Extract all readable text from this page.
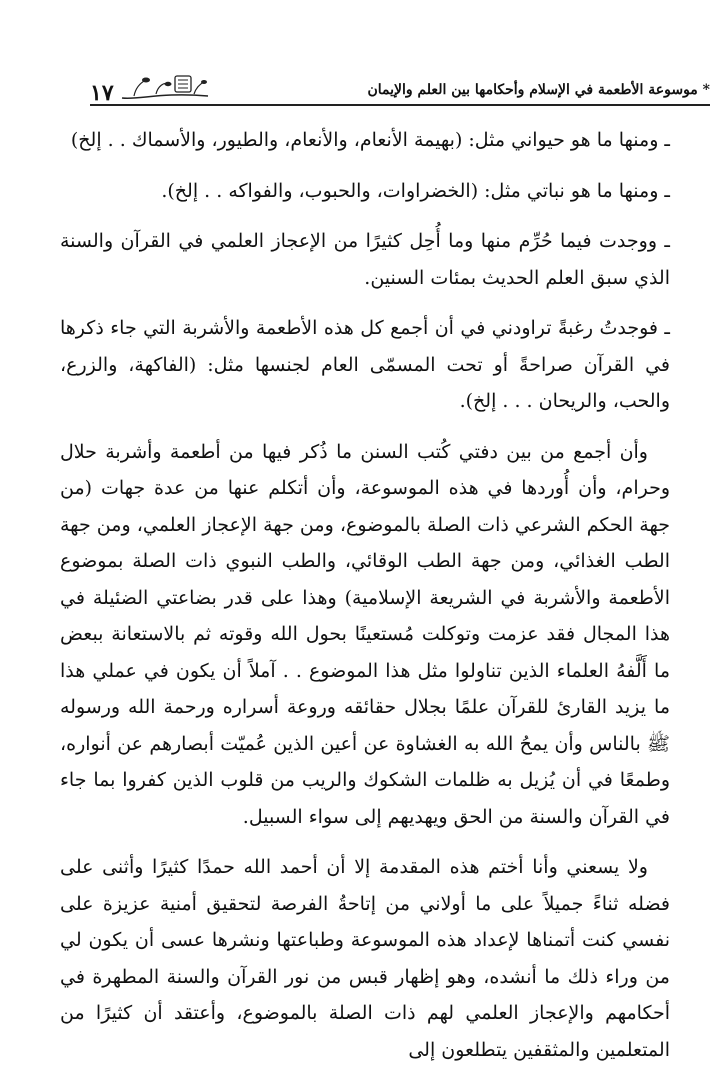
* موسوعة الأطعمة في الإسلام وأحكامها بين العلم والإيمان
١٧

ـ ومنها ما هو حيواني مثل: (بهيمة الأنعام، والأنعام، والطيور، والأسماك . . إلخ)

ـ ومنها ما هو نباتي مثل: (الخضراوات، والحبوب، والفواكه . . إلخ).

ـ ووجدت فيما حُرِّم منها وما أُحِل كثيرًا من الإعجاز العلمي في القرآن والسنة الذي سبق العلم الحديث بمئات السنين.

ـ فوجدتُ رغبةً تراودني في أن أجمع كل هذه الأطعمة والأشربة التي جاء ذكرها في القرآن صراحةً أو تحت المسمّى العام لجنسها مثل: (الفاكهة، والزرع، والحب، والريحان . . . إلخ).

وأن أجمع من بين دفتي كُتب السنن ما ذُكر فيها من أطعمة وأشربة حلال وحرام، وأن أُوردها في هذه الموسوعة، وأن أتكلم عنها من عدة جهات (من جهة الحكم الشرعي ذات الصلة بالموضوع، ومن جهة الإعجاز العلمي، ومن جهة الطب الغذائي، ومن جهة الطب الوقائي، والطب النبوي ذات الصلة بموضوع الأطعمة والأشربة في الشريعة الإسلامية) وهذا على قدر بضاعتي الضئيلة في هذا المجال فقد عزمت وتوكلت مُستعينًا بحول الله وقوته ثم بالاستعانة ببعض ما أَلَّفهُ العلماء الذين تناولوا مثل هذا الموضوع . . آملاً أن يكون في عملي هذا ما يزيد القارئ للقرآن علمًا بجلال حقائقه وروعة أسراره ورحمة الله ورسوله ﷺ بالناس وأن يمحُ الله به الغشاوة عن أعين الذين عُميّت أبصارهم عن أنواره، وطمعًا في أن يُزيل به ظلمات الشكوك والريب من قلوب الذين كفروا بما جاء في القرآن والسنة من الحق ويهديهم إلى سواء السبيل.

ولا يسعني وأنا أختم هذه المقدمة إلا أن أحمد الله حمدًا كثيرًا وأثنى على فضله ثناءً جميلاً على ما أولاني من إتاحةُ الفرصة لتحقيق أمنية عزيزة على نفسي كنت أتمناها لإعداد هذه الموسوعة وطباعتها ونشرها عسى أن يكون لي من وراء ذلك ما أنشده، وهو إظهار قبس من نور القرآن والسنة المطهرة في أحكامهم والإعجاز العلمي لهم ذات الصلة بالموضوع، وأعتقد أن كثيرًا من المتعلمين والمثقفين يتطلعون إلى
